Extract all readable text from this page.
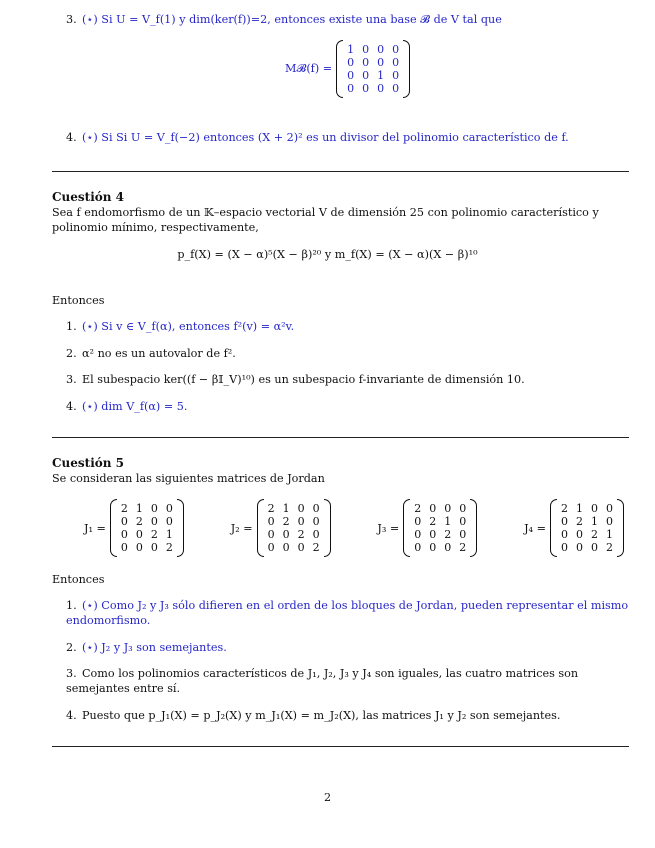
3. (⋆) Si U = V_f(1) y dim(ker(f))=2, entonces existe una base 𝓑 de V tal que
M𝓑(f) =
1	0	0	0
0	0	0	0
0	0	1	0
0	0	0	0
4. (⋆) Si Si U = V_f(−2) entonces (X + 2)² es un divisor del polinomio característico de f.
Cuestión 4
Sea f endomorfismo de un 𝕂–espacio vectorial V de dimensión 25 con polinomio característico y polinomio mínimo, respectivamente,
p_f(X) = (X − α)⁵(X − β)²⁰ y m_f(X) = (X − α)(X − β)¹⁰
Entonces
1. (⋆) Si v ∈ V_f(α), entonces f²(v) = α²v.
2. α² no es un autovalor de f².
3. El subespacio ker((f − β𝕀_V)¹⁰) es un subespacio f-invariante de dimensión 10.
4. (⋆) dim V_f(α) = 5.
Cuestión 5
Se consideran las siguientes matrices de Jordan
J₁ =
2	1	0	0
0	2	0	0
0	0	2	1
0	0	0	2
J₂ =
2	1	0	0
0	2	0	0
0	0	2	0
0	0	0	2
J₃ =
2	0	0	0
0	2	1	0
0	0	2	0
0	0	0	2
J₄ =
2	1	0	0
0	2	1	0
0	0	2	1
0	0	0	2
Entonces
1. (⋆) Como J₂ y J₃ sólo difieren en el orden de los bloques de Jordan, pueden representar el mismo endomorfismo.
2. (⋆) J₂ y J₃ son semejantes.
3. Como los polinomios característicos de J₁, J₂, J₃ y J₄ son iguales, las cuatro matrices son semejantes entre sí.
4. Puesto que p_J₁(X) = p_J₂(X) y m_J₁(X) = m_J₂(X), las matrices J₁ y J₂ son semejantes.
2
